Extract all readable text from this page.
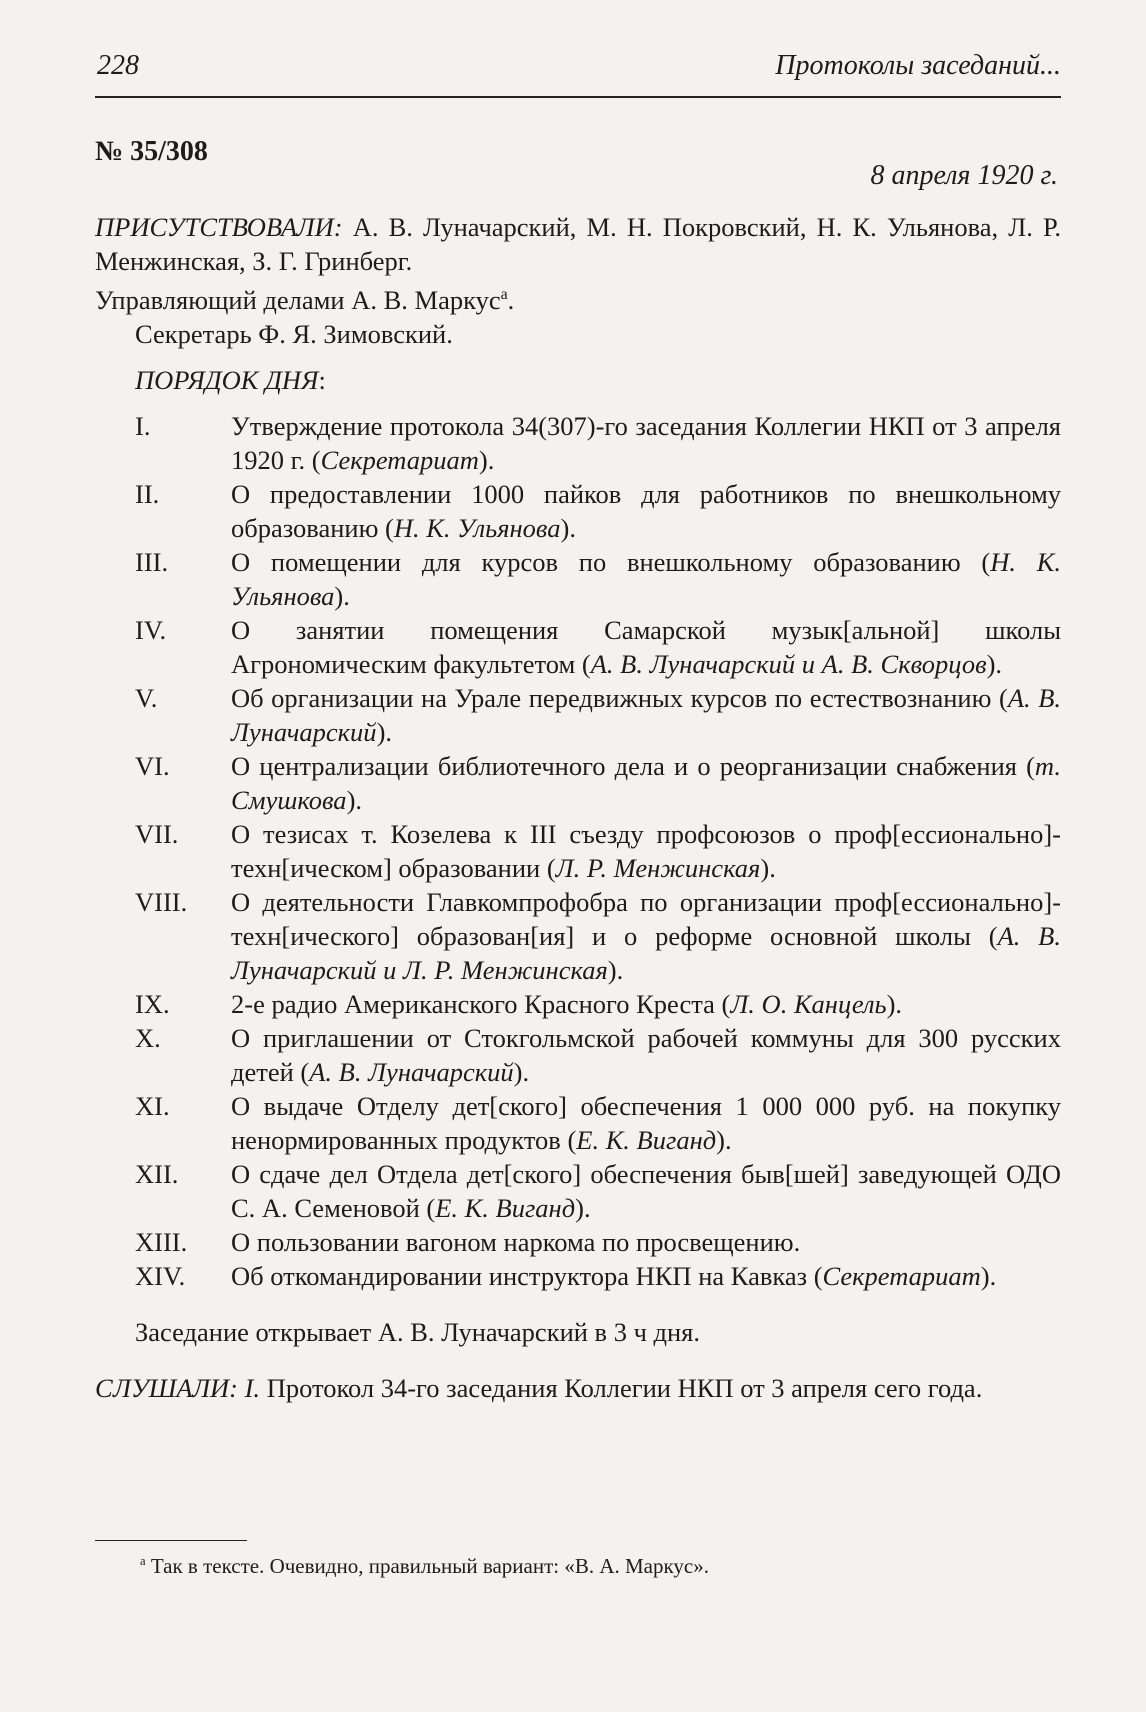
228	Протоколы заседаний...
№ 35/308
8 апреля 1920 г.

ПРИСУТСТВОВАЛИ: А. В. Луначарский, М. Н. Покровский, Н. К. Ульянова, Л. Р. Менжинская, З. Г. Гринберг.

Управляющий делами А. В. Маркус$^а$.

Секретарь Ф. Я. Зимовский.

ПОРЯДОК ДНЯ:

I.	Утверждение протокола 34(307)-го заседания Коллегии НКП от 3 апреля 1920 г. (Секретариат).
II.	О предоставлении 1000 пайков для работников по внешкольному образованию (Н. К. Ульянова).
III.	О помещении для курсов по внешкольному образованию (Н. К. Ульянова).
IV.	О занятии помещения Самарской музык[альной] школы Агрономическим факультетом (А. В. Луначарский и А. В. Скворцов).
V.	Об организации на Урале передвижных курсов по естествознанию (А. В. Луначарский).
VI.	О централизации библиотечного дела и о реорганизации снабжения (т. Смушкова).
VII.	О тезисах т. Козелева к III съезду профсоюзов о проф[ессионально]-техн[ическом] образовании (Л. Р. Менжинская).
VIII.	О деятельности Главкомпрофобра по организации проф[ессионально]-техн[ического] образован[ия] и о реформе основной школы (А. В. Луначарский и Л. Р. Менжинская).
IX.	2-е радио Американского Красного Креста (Л. О. Канцель).
X.	О приглашении от Стокгольмской рабочей коммуны для 300 русских детей (А. В. Луначарский).
XI.	О выдаче Отделу дет[ского] обеспечения 1 000 000 руб. на покупку ненормированных продуктов (Е. К. Виганд).
XII.	О сдаче дел Отдела дет[ского] обеспечения быв[шей] заведующей ОДО С. А. Семеновой (Е. К. Виганд).
XIII.	О пользовании вагоном наркома по просвещению.
XIV.	Об откомандировании инструктора НКП на Кавказ (Секретариат).

Заседание открывает А. В. Луначарский в 3 ч дня.

СЛУШАЛИ: I. Протокол 34-го заседания Коллегии НКП от 3 апреля сего года.

$^а$ Так в тексте. Очевидно, правильный вариант: «В. А. Маркус».
